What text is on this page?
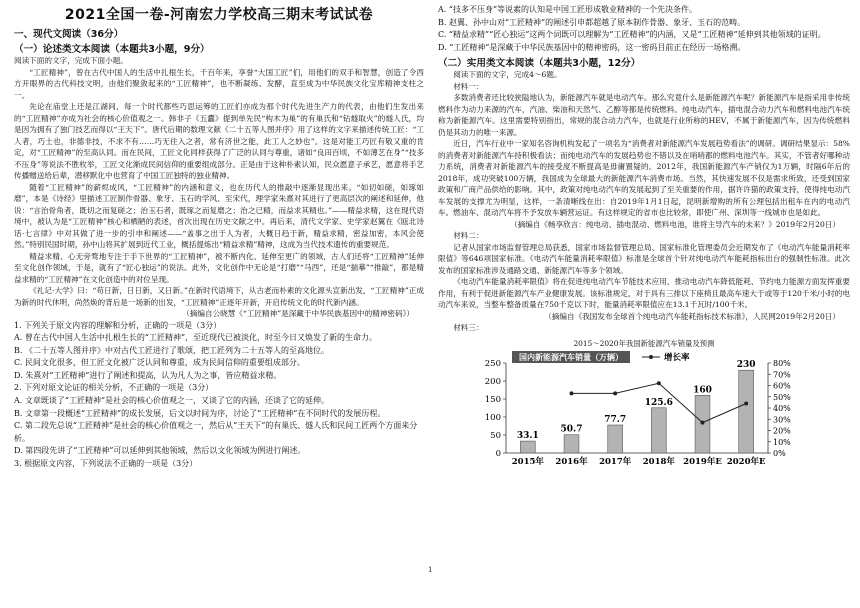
2021全国一卷-河南宏力学校高三期末考试试卷
一、现代文阅读（36分）
（一）论述类文本阅读（本题共3小题，9分）

阅读下面的文字，完成下面小题。

“工匠精神”，曾在古代中国人的生活中扎根生长，千百年来，享誉“大国工匠”们，用他们的双手和智慧，创造了令西方开眼界的古代科技文明，由他们聚敛起来的“工匠精神”，也不断凝练、发酵，直至成为中华民族文化宝库精神支柱之一。

先论在庙堂上还是江湖间，每一个时代都些巧思运筹的工匠们亦成为那个时代先进生产力的代表，由他们生发出来的“工匠精神”亦成为社会的核心价值观之一。韩非子《五蠹》提到单先民“构木为巢”的有巢氏和“钻燧取火”的燧人氏，均是因为拥有了独门技艺而得以“王天下”。唐代后期的数理文献《二十五等人图并序》用了这样的文字来描述传统工匠：“工人者，巧士也，非德非技，不求不有……巧无往入之者，常有济世之能，此工人之妙也”。这是对能工巧匠有敬又重的肯定，对“工匠精神”的至高认同。而在民间，工匠文化同样获得了广泛的认同与尊重，诸如“良田百顷，不如薄艺在身”“技多不压身”等说法不胜枚举，工匠文化渐成民间信仰的重要组成部分。正是由于这种朴素认知，民众愿意子承艺，愿意将手艺传播赠送给后辈，潜移默化中也营育了中国工匠独特的独业精神。

随着“工匠精神”的薪烬成风，“工匠精神”的内涵和意义，也在历代人的推敲中逐渐显现出来。“如切如磋，如琢如磨”，本是《诗经》里描述工匠制作骨器、象牙、玉石的学风、至宋代，理学家朱熹对其进行了更高层次的阐述和延伸，他说：“言治骨角者，既切之而复磋之；治玉石者，既琢之而复磨之；治之已精，而益求其精也。”——精益求精，这在现代语境中，被认为是“工匠精神”核心和栖陋的表述，首次出现在历史文献之中。再后来，清代文学家、史学家赵翼在《瓯北诗话·七言律》中对其做了进一步的引申和阐述——“盖事之出于人为者，大概日趋于新，精益求精，密益加密，本风会使然。”特别民国时期，孙中山将其扩展到近代工业，概括提炼出“精益求精”精神，这成为当代技术遗传的重要规范。

精益求精、心无旁骛地专注于手下世界的“工匠精神”，被不断内化、延伸至更广的领域，古人们还将“工匠精神”延伸至文化创作领域，于是，就有了“匠心独运”的说法。此外，文化创作中无论是“打磨”“马西”，还是“揣摹”“推敲”，都是精益求精的“工匠精神”在文化创造中的对位呈现。

《礼记·大学》曰：“苟日新，日日新，又日新。”在新时代语境下，从古老而朴素的文化源头宣新出发，“工匠精神”正成为新的时代休明，尚然焕的背后是一场新的出发，“工匠精神”正逐年开新，开启传统文化的时代新内涵。

（摘编自公晓慧《“工匠精神”是深藏于中华民族基因中的精神密码》）

1. 下列关于原文内容的理解和分析，正确的一项是（3分）

A. 曾在古代中国人生活中扎根生长的“工匠精神”，至近现代已被淡化，时至今日又焕发了新的生命力。

B. 《二十五等人图并序》中对古代工匠进行了歌颂，把工匠列为二十五等人的至高地位。

C. 民间文化很多，但工匠文化被广泛认同和尊重，成为民间信仰的重要组成部分。

D. 朱熹对“工匠精神”进行了阐述和提高，认为凡人为之事，皆应精益求精。

2. 下列对原文论证的相关分析，不正确的一项是（3分）

A. 文章既谈了“工匠精神”是社会的核心价值观之一，又谈了它的内涵，还谈了它的延伸。

B. 文章第一段概述“工匠精神”的成长发展，后文以时间为序，讨论了“工匠精神”在不同时代的发展历程。

C. 第二段先总说“工匠精神”是社会的核心价值观之一，然后从“王天下”的有巢氏、燧人氏和民间工匠两个方面来分析。

D. 第四段先讲了“工匠精神”可以延伸到其他领域，然后以文化领域为例进行阐述。

3. 根据原文内容，下列说法不正确的一项是（3分）

A. “技多不压身”等说素的认知是中国工匠形成敬业精神的一个先决条件。

B. 赵翼、孙中山对“工匠精神”的阐述引申都超越了原本制作骨器、象牙、玉石的范畴。

C. “精益求精”“匠心独运”这两个词既可以理解为“工匠精神”的内涵，又是“工匠精神”延伸到其他领域的证明。

D. “工匠精神”是深藏于中华民族基因中的精神密码，这一密码目前正在经历一场格溯。

（二）实用类文本阅读（本题共3小题，12分）

阅读下面的文字，完成4～6题。

材料一：

多数消费者还比较狭隘地认为，新能源汽车就是电动汽车。那么究竟什么是新能源汽车呢？新能源汽车是指采用非传统燃料作为动力来源的汽车，汽油、柴油和天然气、乙醇等都是传统燃料。纯电动汽车，插电混合动力汽车和燃料电池汽车统称为新能源汽车。这里需要特别指出，常规的混合动力汽车，也就是行业所称的HEV，不属于新能源汽车，因为传统燃料仍是其动力的唯一来源。

近日，汽车行业中一家知名咨询机构发起了一项名为“消费者对新能源汽车发展趋势看法”的调研。调研结果显示：58%的消费者对新能源汽车持积极看法；而纯电动汽车的发展趋势也不错以及在哨哨都的燃料电池汽车。其实，不管者好哪种动力系统，消费者对新能源汽车的接受度不断提高是毋庸置疑的。2012年，我国新能源汽车产销仅为1万辆，时隔6年后的2018年，成功突破100万辆，我国成为全球最大的新能源汽车消费市场。当然，其快速发展不仅是需求所致，还受到国家政策和广商产品供给的影响。其中，政策对纯电动汽车的发展起到了至关重要的作用，据许许猫的政策支持，使得纯电动汽车发展的支撑尤为明显，这样，一条清晰线在出：自2019年1月1日起，昆明新增购的所有公理包括出租车在内的电动汽车。燃油车、混动汽车将不予发放车辆营运证。有这样规定的省市也比较常，即使广州、深圳等一线城市也是如此。

（摘编自《畅享欣言：纯电动、插电混动、燃料电池，谁将主导汽车的未来？》2019年2月20日）

材料二：

记者从国家市场监督管理总局获悉，国家市场监督管理总局、国家标准化管理委员会近期发布了《电动汽车能量消耗率限值》等646项国家标准。《电动汽车能量消耗率限值》标准是全球首个针对纯电动汽车能耗指标出台的强制性标准。此次发布的国家标准涉及通路交通、新能源汽车等多个领域。

《电动汽车能量消耗率限值》将在促进纯电动汽车节能技术应用、推动电动汽车降低能耗、节约电力能源方面发挥重要作用，有利于促进新能源汽车产业健康发展。该标准规定，对于具有三排以下座椅且最高车速大于或等于120千米/小时的电动汽车来说，当整车整备质量在750千克以下时，能量消耗率限值应在13.1千瓦时/100千米。

（摘编自《我国发布全球首个纯电动汽车能耗指标技术标准》，人民网2019年2月20日）

材料三：

2015～2020年我国新能源汽车销量及预测
0
50
100
150
200
250
0%
10%
20%
30%
40%
50%
60%
70%
80%
33.1
2015年
50.7
2016年
77.7
2017年
125.6
2018年
160
2019年E
230
2020年E
国内新能源汽车销量（万辆）	增长率
1
